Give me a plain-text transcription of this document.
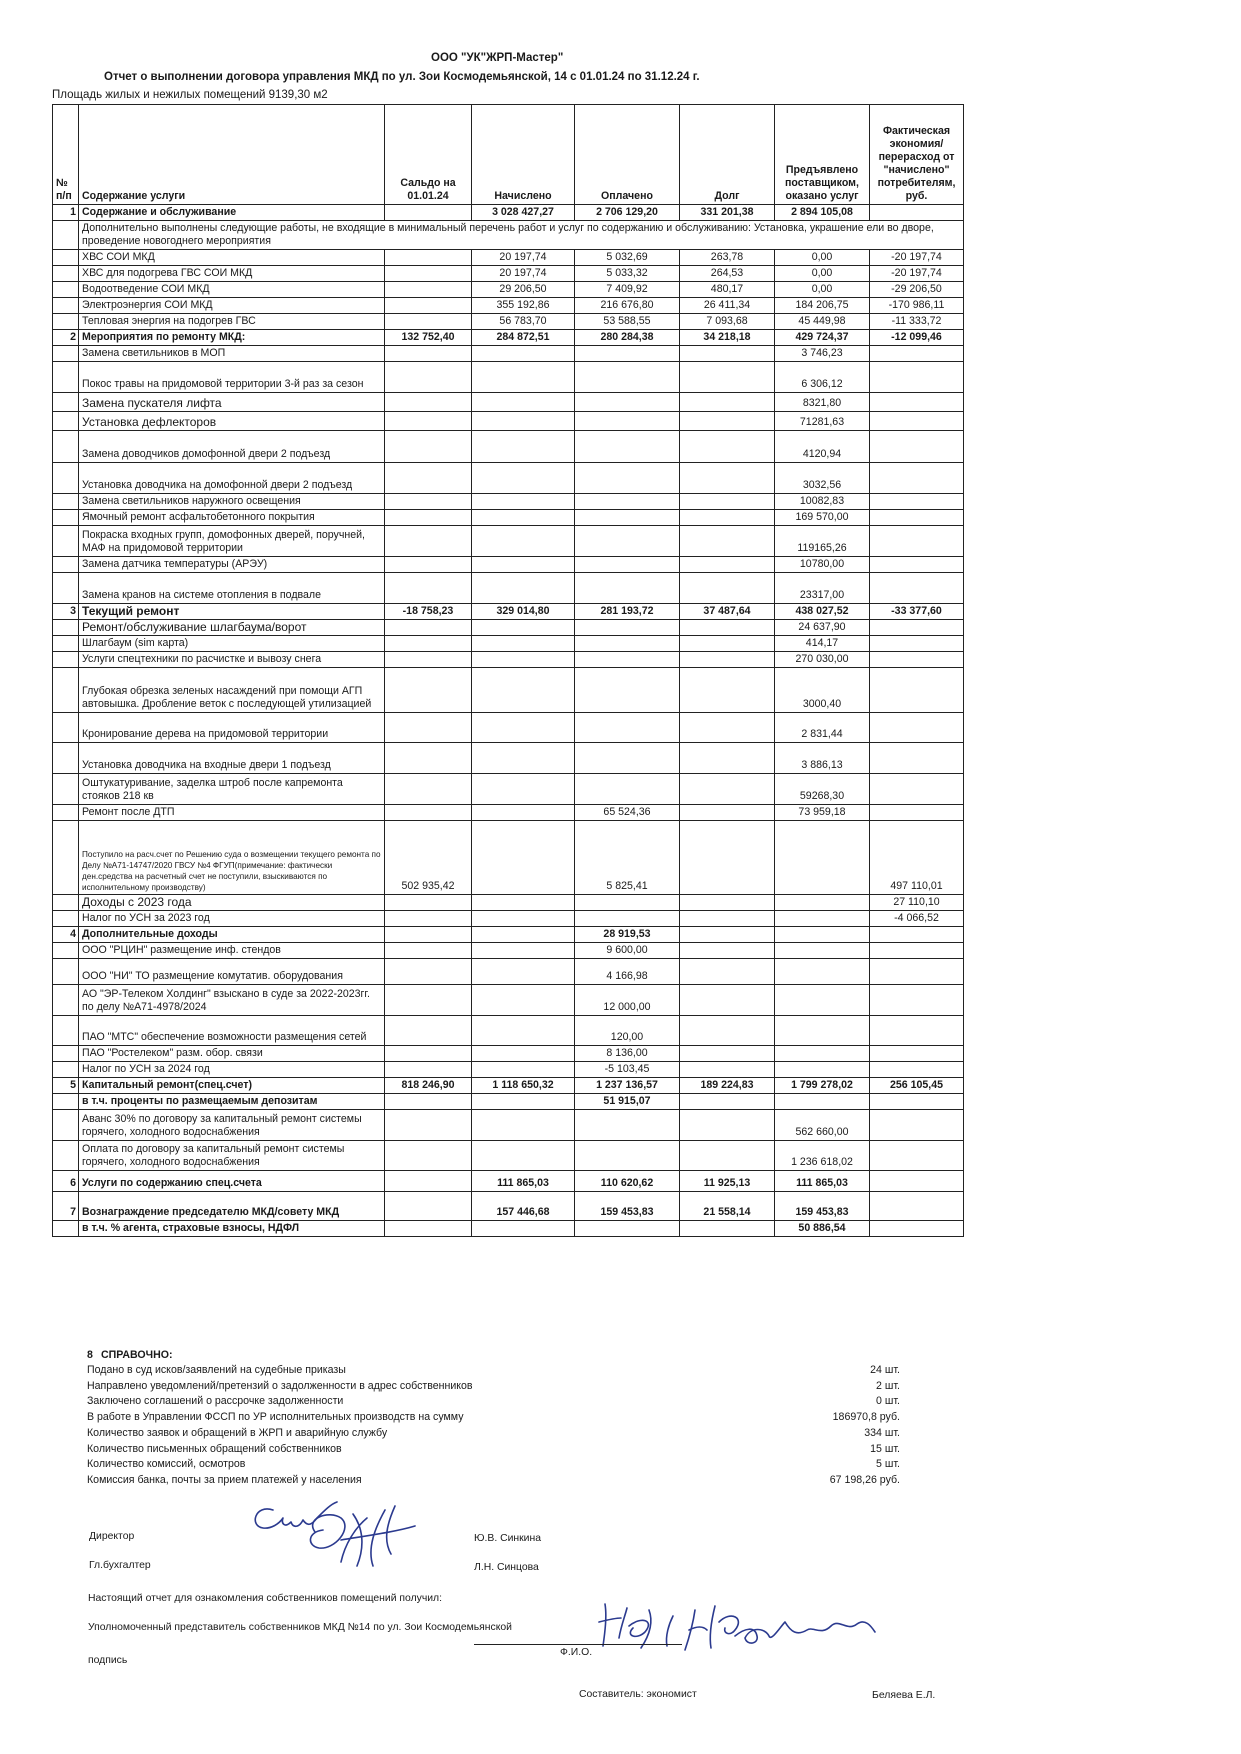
ООО "УК"ЖРП-Мастер"
Отчет о выполнении договора управления МКД по ул. Зои Космодемьянской, 14 с 01.01.24 по 31.12.24 г.
Площадь жилых и нежилых помещений 9139,30 м2
№ п/п	Содержание услуги	Сальдо на 01.01.24	Начислено	Оплачено	Долг	Предъявлено поставщиком, оказано услуг	Фактическая экономия/перерасход от "начислено" потребителям, руб.
1	Содержание и обслуживание		3 028 427,27	2 706 129,20	331 201,38	2 894 105,08	
	Дополнительно выполнены следующие работы, не входящие в минимальный перечень работ и услуг по содержанию и обслуживанию: Установка, украшение ели во дворе, проведение новогоднего мероприятия						
	ХВС СОИ МКД		20 197,74	5 032,69	263,78	0,00	-20 197,74
	ХВС для подогрева ГВС СОИ МКД		20 197,74	5 033,32	264,53	0,00	-20 197,74
	Водоотведение СОИ МКД		29 206,50	7 409,92	480,17	0,00	-29 206,50
	Электроэнергия СОИ МКД		355 192,86	216 676,80	26 411,34	184 206,75	-170 986,11
	Тепловая энергия на подогрев ГВС		56 783,70	53 588,55	7 093,68	45 449,98	-11 333,72
2	Мероприятия по ремонту МКД:	132 752,40	284 872,51	280 284,38	34 218,18	429 724,37	-12 099,46
	Замена светильников в МОП					3 746,23	
	Покос травы на придомовой территории 3-й раз за сезон					6 306,12	
	Замена пускателя лифта					8321,80	
	Установка дефлекторов					71281,63	
	Замена доводчиков домофонной двери 2 подъезд					4120,94	
	Установка доводчика на домофонной двери 2 подъезд					3032,56	
	Замена светильников наружного освещения					10082,83	
	Ямочный ремонт асфальтобетонного покрытия					169 570,00	
	Покраска входных групп, домофонных дверей, поручней, МАФ на придомовой территории					119165,26	
	Замена датчика температуры (АРЭУ)					10780,00	
	Замена кранов на системе отопления в подвале					23317,00	
3	Текущий ремонт	-18 758,23	329 014,80	281 193,72	37 487,64	438 027,52	-33 377,60
	Ремонт/обслуживание шлагбаума/ворот					24 637,90	
	Шлагбаум (sim карта)					414,17	
	Услуги спецтехники по расчистке и вывозу снега					270 030,00	
	Глубокая обрезка зеленых насаждений при помощи АГП автовышка. Дробление веток с последующей утилизацией					3000,40	
	Кронирование дерева на придомовой территории					2 831,44	
	Установка доводчика на входные двери 1 подъезд					3 886,13	
	Оштукатуривание, заделка штроб после капремонта стояков 218 кв					59268,30	
	Ремонт после ДТП			65 524,36		73 959,18	
	Поступило на расч.счет по Решению суда о возмещении текущего ремонта по Делу №А71-14747/2020 ГВСУ №4 ФГУП(примечание: фактически ден.средства на расчетный счет не поступили, взыскиваются по исполнительному производству)	502 935,42		5 825,41			497 110,01
	Доходы с 2023 года						27 110,10
	Налог по УСН за 2023 год						-4 066,52
4	Дополнительные доходы			28 919,53			
	ООО "РЦИН" размещение инф. стендов			9 600,00			
	ООО "НИ" ТО размещение комутатив. оборудования			4 166,98			
	АО "ЭР-Телеком Холдинг" взыскано в суде за 2022-2023гг. по делу №А71-4978/2024			12 000,00			
	ПАО "МТС" обеспечение возможности размещения сетей			120,00			
	ПАО "Ростелеком" разм. обор. связи			8 136,00			
	Налог по УСН за 2024 год			-5 103,45			
5	Капитальный ремонт(спец.счет)	818 246,90	1 118 650,32	1 237 136,57	189 224,83	1 799 278,02	256 105,45
	в т.ч. проценты по размещаемым депозитам			51 915,07			
	Аванс 30% по договору за капитальный ремонт системы горячего, холодного водоснабжения					562 660,00	
	Оплата по договору за капитальный ремонт системы горячего, холодного водоснабжения					1 236 618,02	
6	Услуги по содержанию спец.счета		111 865,03	110 620,62	11 925,13	111 865,03	
7	Вознаграждение председателю МКД/совету МКД		157 446,68	159 453,83	21 558,14	159 453,83	
	в т.ч. % агента, страховые взносы, НДФЛ					50 886,54	
8 СПРАВОЧНО:
Подано в суд исков/заявлений на судебные приказы	24 шт.
Направлено уведомлений/претензий о задолженности в адрес собственников	2 шт.
Заключено соглашений о рассрочке задолженности	0 шт.
В работе в Управлении ФССП по УР исполнительных производств на сумму	186970,8 руб.
Количество заявок и обращений в ЖРП и аварийную службу	334 шт.
Количество письменных обращений собственников	15 шт.
Количество комиссий, осмотров	5 шт.
Комиссия банка, почты за прием платежей у населения	67 198,26 руб.
Директор	Ю.В. Синкина
Гл.бухгалтер	Л.Н. Синцова
Настоящий отчет для ознакомления собственников помещений получил:
Уполномоченный представитель собственников МКД №14 по ул. Зои Космодемьянской
подпись
Ф.И.О.
Составитель: экономист	Беляева Е.Л.
